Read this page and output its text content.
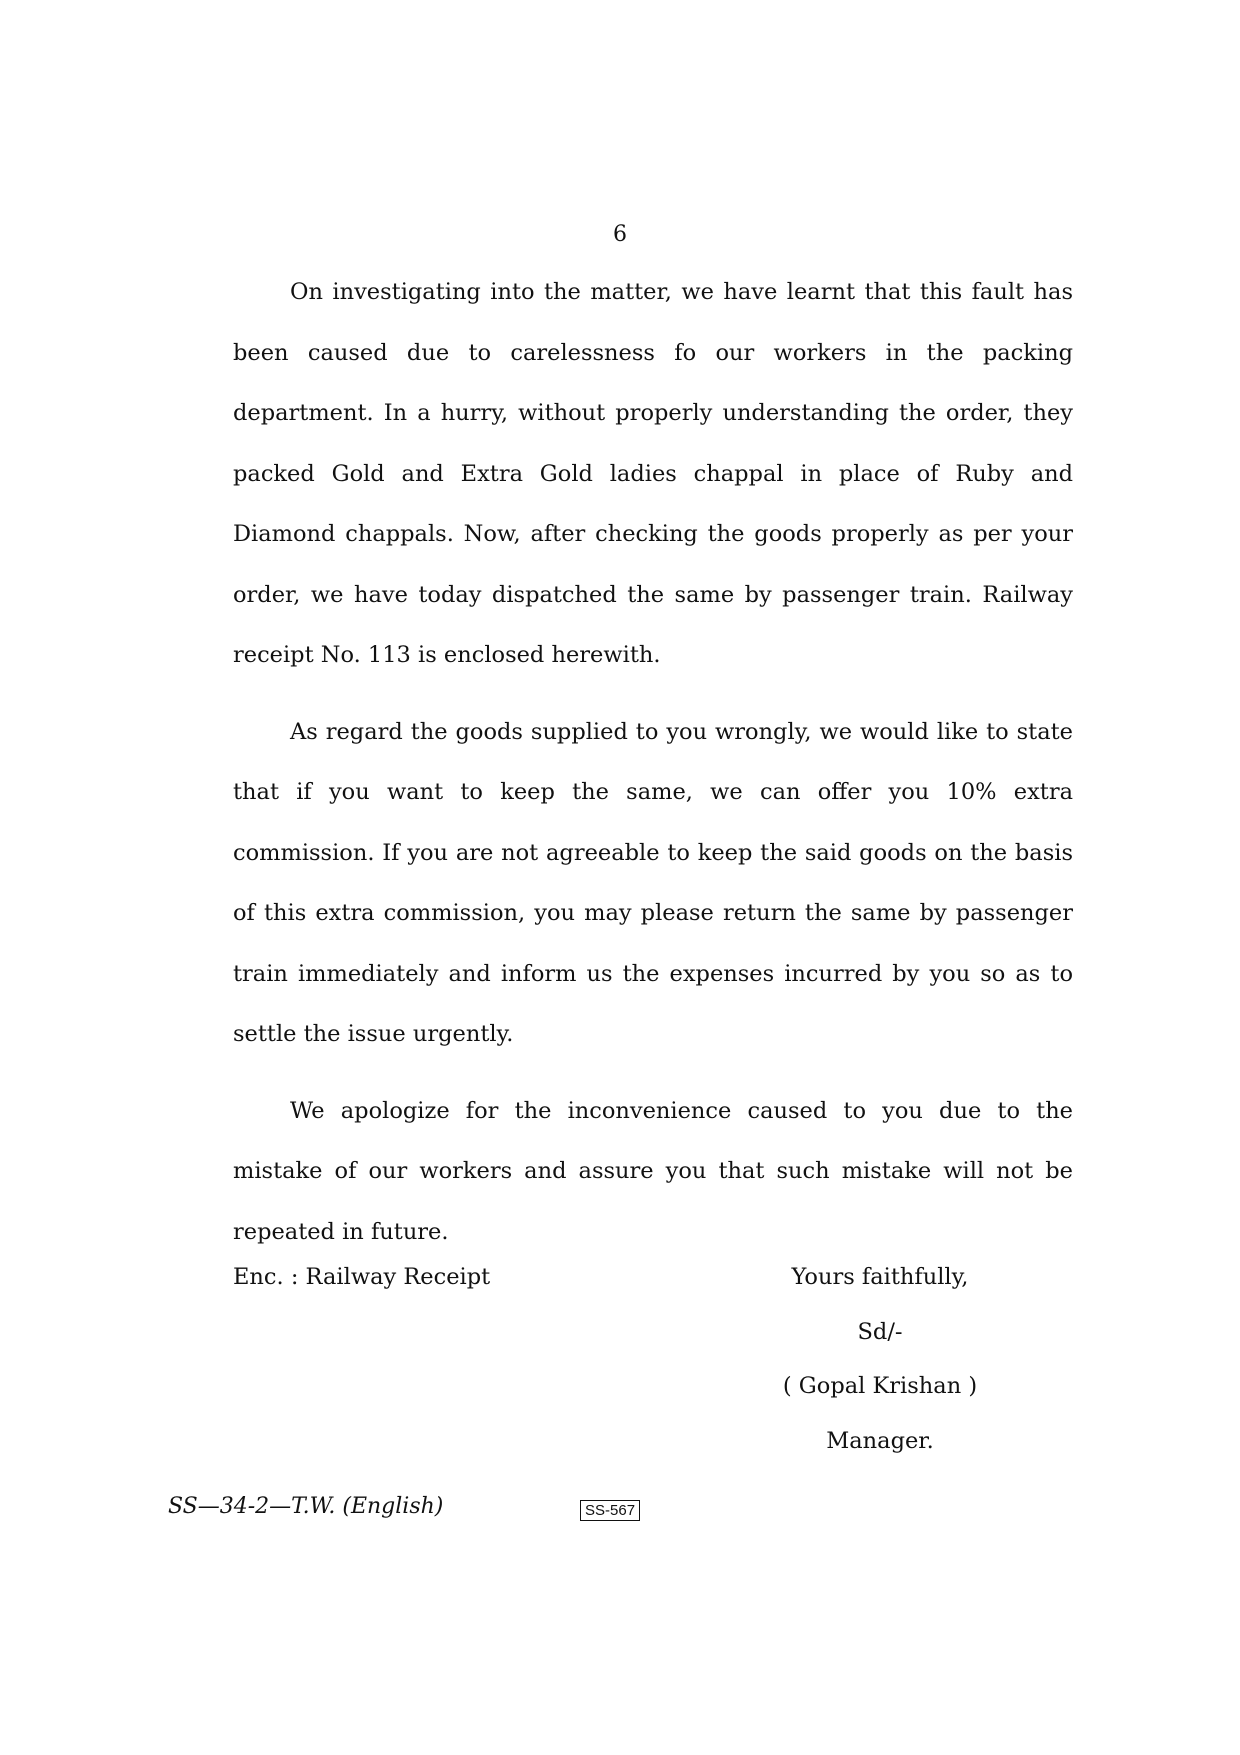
6

On investigating into the matter, we have learnt that this fault has been caused due to carelessness fo our workers in the packing department. In a hurry, without properly understanding the order, they packed Gold and Extra Gold ladies chappal in place of Ruby and Diamond chappals. Now, after checking the goods properly as per your order, we have today dispatched the same by passenger train. Railway receipt No. 113 is enclosed herewith.

As regard the goods supplied to you wrongly, we would like to state that if you want to keep the same, we can offer you 10% extra commission. If you are not agreeable to keep the said goods on the basis of this extra commission, you may please return the same by passenger train immediately and inform us the expenses incurred by you so as to settle the issue urgently.

We apologize for the inconvenience caused to you due to the mistake of our workers and assure you that such mistake will not be repeated in future.

Enc. : Railway Receipt	Yours faithfully,
Sd/-
( Gopal Krishan )
Manager.
SS—34-2—T.W. (English)	SS-567
